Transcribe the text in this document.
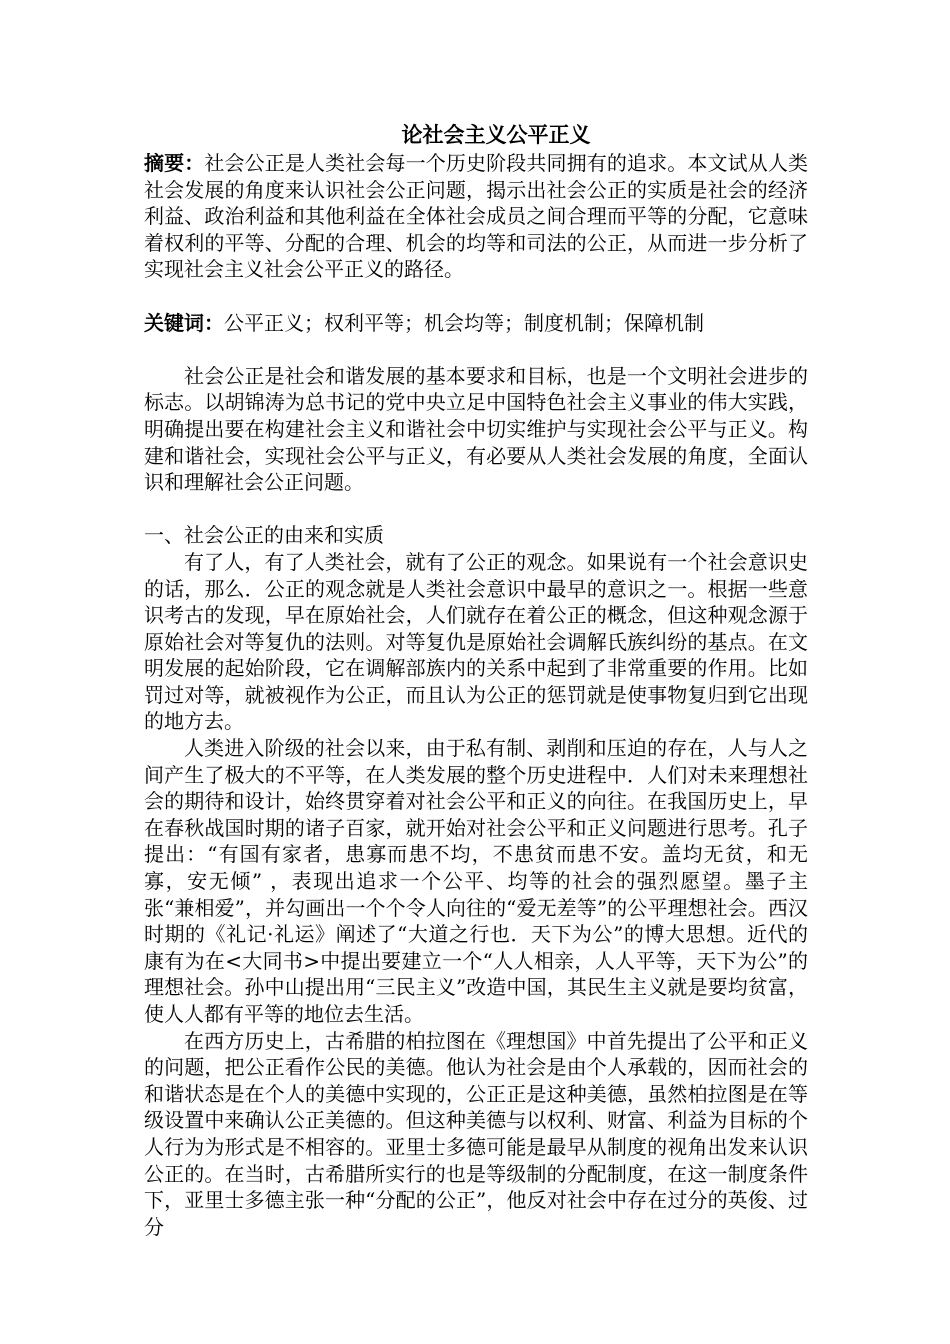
论社会主义公平正义

摘要：社会公正是人类社会每一个历史阶段共同拥有的追求。本文试从人类社会发展的角度来认识社会公正问题，揭示出社会公正的实质是社会的经济利益、政治利益和其他利益在全体社会成员之间合理而平等的分配，它意味着权利的平等、分配的合理、机会的均等和司法的公正，从而进一步分析了实现社会主义社会公平正义的路径。

关键词：公平正义；权利平等；机会均等；制度机制；保障机制

社会公正是社会和谐发展的基本要求和目标，也是一个文明社会进步的标志。以胡锦涛为总书记的党中央立足中国特色社会主义事业的伟大实践，明确提出要在构建社会主义和谐社会中切实维护与实现社会公平与正义。构建和谐社会，实现社会公平与正义，有必要从人类社会发展的角度，全面认识和理解社会公正问题。

一、社会公正的由来和实质

有了人，有了人类社会，就有了公正的观念。如果说有一个社会意识史的话，那么．公正的观念就是人类社会意识中最早的意识之一。根据一些意识考古的发现，早在原始社会，人们就存在着公正的概念，但这种观念源于原始社会对等复仇的法则。对等复仇是原始社会调解氏族纠纷的基点。在文明发展的起始阶段，它在调解部族内的关系中起到了非常重要的作用。比如罚过对等，就被视作为公正，而且认为公正的惩罚就是使事物复归到它出现的地方去。

人类进入阶级的社会以来，由于私有制、剥削和压迫的存在，人与人之间产生了极大的不平等，在人类发展的整个历史进程中．人们对未来理想社会的期待和设计，始终贯穿着对社会公平和正义的向往。在我国历史上，早在春秋战国时期的诸子百家，就开始对社会公平和正义问题进行思考。孔子提出：“有国有家者，患寡而患不均，不患贫而患不安。盖均无贫，和无寡，安无倾” ，表现出追求一个公平、均等的社会的强烈愿望。墨子主张“兼相爱”，并勾画出一个个令人向往的“爱无差等”的公平理想社会。西汉时期的《礼记·礼运》阐述了“大道之行也．天下为公”的博大思想。近代的康有为在<大同书>中提出要建立一个“人人相亲，人人平等，天下为公”的理想社会。孙中山提出用“三民主义”改造中国，其民生主义就是要均贫富，使人人都有平等的地位去生活。

在西方历史上，古希腊的柏拉图在《理想国》中首先提出了公平和正义的问题，把公正看作公民的美德。他认为社会是由个人承载的，因而社会的和谐状态是在个人的美德中实现的，公正正是这种美德，虽然柏拉图是在等级设置中来确认公正美德的。但这种美德与以权利、财富、利益为目标的个人行为为形式是不相容的。亚里士多德可能是最早从制度的视角出发来认识公正的。在当时，古希腊所实行的也是等级制的分配制度，在这一制度条件下，亚里士多德主张一种“分配的公正”，他反对社会中存在过分的英俊、过分
